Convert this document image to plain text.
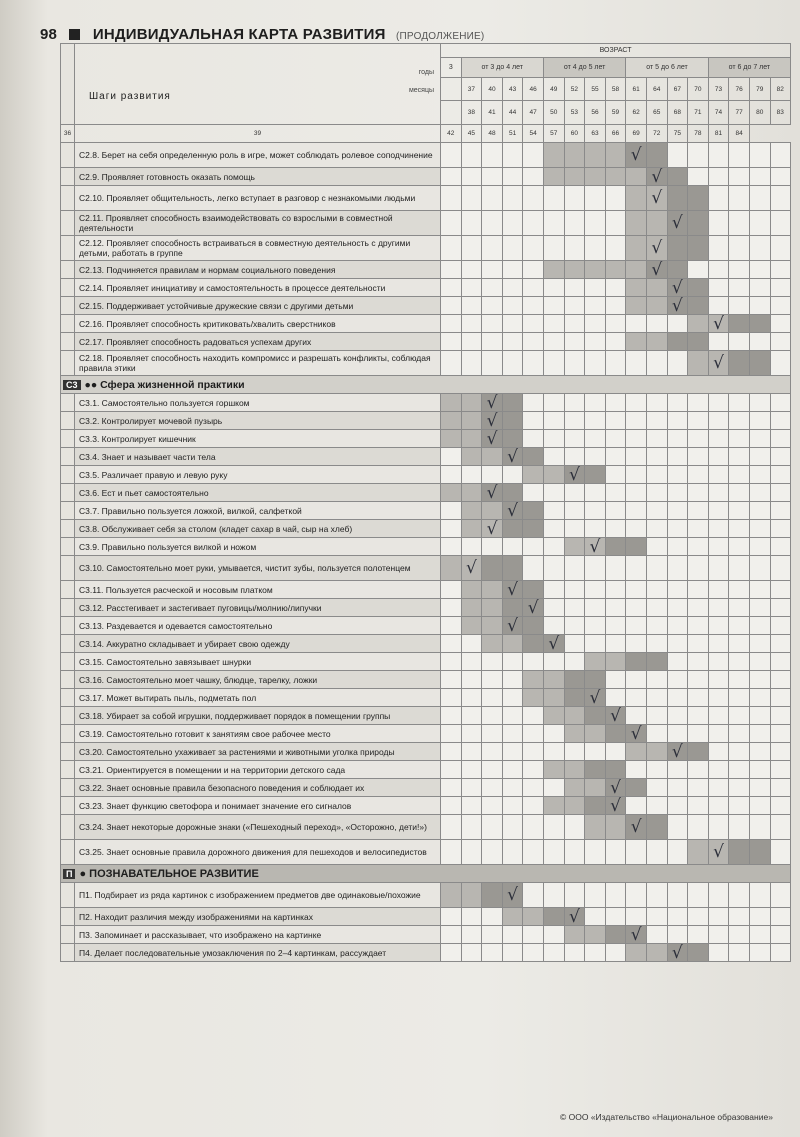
98 ИНДИВИДУАЛЬНАЯ КАРТА РАЗВИТИЯ (ПРОДОЛЖЕНИЕ)

	годы
месяцы
Шаги развития	ВОЗРАСТ																
		3	от 3 до 4 лет				от 4 до 5 лет				от 5 до 6 лет				от 6 до 7 лет			
			37	40	43	46	49	52	55	58	61	64	67	70	73	76	79	82
			38	41	44	47	50	53	56	59	62	65	68	71	74	77	80	83
36	39	42	45	48	51	54	57	60	63	66	69	72	75	78	81	84		
	С2.8. Берет на себя определенную роль в игре, может соблюдать ролевое соподчинение										√							

	С2.9. Проявляет готовность оказать помощь											√						

	С2.10. Проявляет общительность, легко вступает в разговор с незнакомыми людьми											√						

	С2.11. Проявляет способность взаимодействовать со взрослыми в совместной деятельности												√					

	С2.12. Проявляет способность встраиваться в совместную деятельность с другими детьми, работать в группе											√						

	С2.13. Подчиняется правилам и нормам социального поведения											√						

	С2.14. Проявляет инициативу и самостоятельность в процессе деятельности												√					

	С2.15. Поддерживает устойчивые дружеские связи с другими детьми												√					

	С2.16. Проявляет способность критиковать/хвалить сверстников														√			

	С2.17. Проявляет способность радоваться успехам других																	
	С2.18. Проявляет способность находить компромисс и разрешать конфликты, соблюдая правила этики														√			

С3 ●● Сфера жизненной практики																		
	С3.1. Самостоятельно пользуется горшком			√														

	С3.2. Контролирует мочевой пузырь			√														

	С3.3. Контролирует кишечник			√														

	С3.4. Знает и называет части тела				√													

	С3.5. Различает правую и левую руку							√										

	С3.6. Ест и пьет самостоятельно			√														

	С3.7. Правильно пользуется ложкой, вилкой, салфеткой				√													

	С3.8. Обслуживает себя за столом (кладет сахар в чай, сыр на хлеб)			√														

	С3.9. Правильно пользуется вилкой и ножом								√									

	С3.10. Самостоятельно моет руки, умывается, чистит зубы, пользуется полотенцем		√															

	С3.11. Пользуется расческой и носовым платком				√													

	С3.12. Расстегивает и застегивает пуговицы/молнию/липучки					√												

	С3.13. Раздевается и одевается самостоятельно				√													

	С3.14. Аккуратно складывает и убирает свою одежду						√											

	С3.15. Самостоятельно завязывает шнурки																	
	С3.16. Самостоятельно моет чашку, блюдце, тарелку, ложки																	
	С3.17. Может вытирать пыль, подметать пол								√									

	С3.18. Убирает за собой игрушки, поддерживает порядок в помещении группы									√								

	С3.19. Самостоятельно готовит к занятиям свое рабочее место										√							

	С3.20. Самостоятельно ухаживает за растениями и животными уголка природы												√					

	С3.21. Ориентируется в помещении и на территории детского сада																	
	С3.22. Знает основные правила безопасного поведения и соблюдает их									√								

	С3.23. Знает функцию светофора и понимает значение его сигналов									√								

	С3.24. Знает некоторые дорожные знаки («Пешеходный переход», «Осторожно, дети!»)										√							

	С3.25. Знает основные правила дорожного движения для пешеходов и велосипедистов														√			

П ● ПОЗНАВАТЕЛЬНОЕ РАЗВИТИЕ																		
	П1. Подбирает из ряда картинок с изображением предметов две одинаковые/похожие				√													

	П2. Находит различия между изображениями на картинках							√										

	П3. Запоминает и рассказывает, что изображено на картинке										√							

	П4. Делает последовательные умозаключения по 2–4 картинкам, рассуждает												√					

© ООО «Издательство «Национальное образование»
